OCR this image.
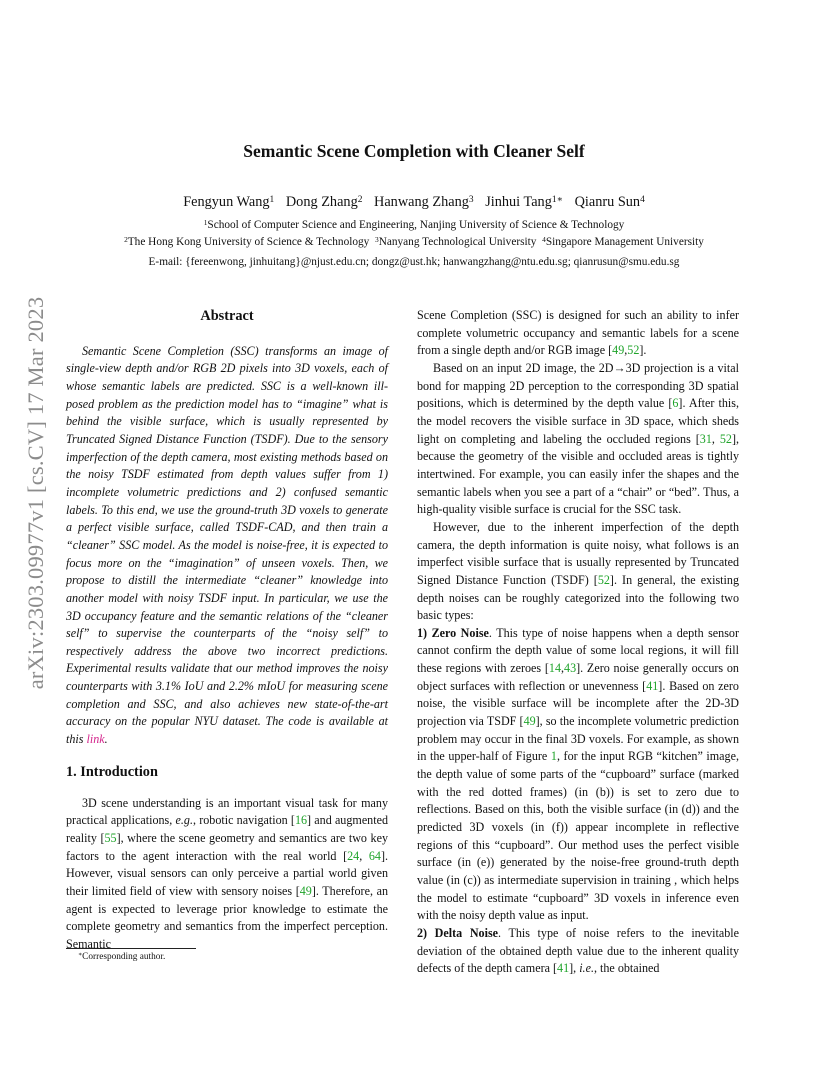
arXiv:2303.09977v1 [cs.CV] 17 Mar 2023
Semantic Scene Completion with Cleaner Self
Fengyun Wang$^1$ Dong Zhang$^2$ Hanwang Zhang$^3$ Jinhui Tang$^{1∗}$ Qianru Sun$^4$
$^1$School of Computer Science and Engineering, Nanjing University of Science & Technology
$^2$The Hong Kong University of Science & Technology $^3$Nanyang Technological University $^4$Singapore Management University
E-mail: {fereenwong, jinhuitang}@njust.edu.cn; dongz@ust.hk; hanwangzhang@ntu.edu.sg; qianrusun@smu.edu.sg
Abstract

Semantic Scene Completion (SSC) transforms an image of single-view depth and/or RGB 2D pixels into 3D voxels, each of whose semantic labels are predicted. SSC is a well-known ill-posed problem as the prediction model has to “imagine” what is behind the visible surface, which is usually represented by Truncated Signed Distance Function (TSDF). Due to the sensory imperfection of the depth camera, most existing methods based on the noisy TSDF estimated from depth values suffer from 1) incomplete volumetric predictions and 2) confused semantic labels. To this end, we use the ground-truth 3D voxels to generate a perfect visible surface, called TSDF-CAD, and then train a “cleaner” SSC model. As the model is noise-free, it is expected to focus more on the “imagination” of unseen voxels. Then, we propose to distill the intermediate “cleaner” knowledge into another model with noisy TSDF input. In particular, we use the 3D occupancy feature and the semantic relations of the “cleaner self” to supervise the counterparts of the “noisy self” to respectively address the above two incorrect predictions. Experimental results validate that our method improves the noisy counterparts with 3.1% IoU and 2.2% mIoU for measuring scene completion and SSC, and also achieves new state-of-the-art accuracy on the popular NYU dataset. The code is available at this link.

1. Introduction

3D scene understanding is an important visual task for many practical applications, e.g., robotic navigation [16] and augmented reality [55], where the scene geometry and semantics are two key factors to the agent interaction with the real world [24, 64]. However, visual sensors can only perceive a partial world given their limited field of view with sensory noises [49]. Therefore, an agent is expected to leverage prior knowledge to estimate the complete geometry and semantics from the imperfect perception. Semantic

Scene Completion (SSC) is designed for such an ability to infer complete volumetric occupancy and semantic labels for a scene from a single depth and/or RGB image [49,52].

Based on an input 2D image, the 2D→3D projection is a vital bond for mapping 2D perception to the corresponding 3D spatial positions, which is determined by the depth value [6]. After this, the model recovers the visible surface in 3D space, which sheds light on completing and labeling the occluded regions [31, 52], because the geometry of the visible and occluded areas is tightly intertwined. For example, you can easily infer the shapes and the semantic labels when you see a part of a “chair” or “bed”. Thus, a high-quality visible surface is crucial for the SSC task.

However, due to the inherent imperfection of the depth camera, the depth information is quite noisy, what follows is an imperfect visible surface that is usually represented by Truncated Signed Distance Function (TSDF) [52]. In general, the existing depth noises can be roughly categorized into the following two basic types:

1) Zero Noise. This type of noise happens when a depth sensor cannot confirm the depth value of some local regions, it will fill these regions with zeroes [14,43]. Zero noise generally occurs on object surfaces with reflection or unevenness [41]. Based on zero noise, the visible surface will be incomplete after the 2D-3D projection via TSDF [49], so the incomplete volumetric prediction problem may occur in the final 3D voxels. For example, as shown in the upper-half of Figure 1, for the input RGB “kitchen” image, the depth value of some parts of the “cupboard” surface (marked with the red dotted frames) (in (b)) is set to zero due to reflections. Based on this, both the visible surface (in (d)) and the predicted 3D voxels (in (f)) appear incomplete in reflective regions of this “cupboard”. Our method uses the perfect visible surface (in (e)) generated by the noise-free ground-truth depth value (in (c)) as intermediate supervision in training , which helps the model to estimate “cupboard” 3D voxels in inference even with the noisy depth value as input.

2) Delta Noise. This type of noise refers to the inevitable deviation of the obtained depth value due to the inherent quality defects of the depth camera [41], i.e., the obtained

∗Corresponding author.
